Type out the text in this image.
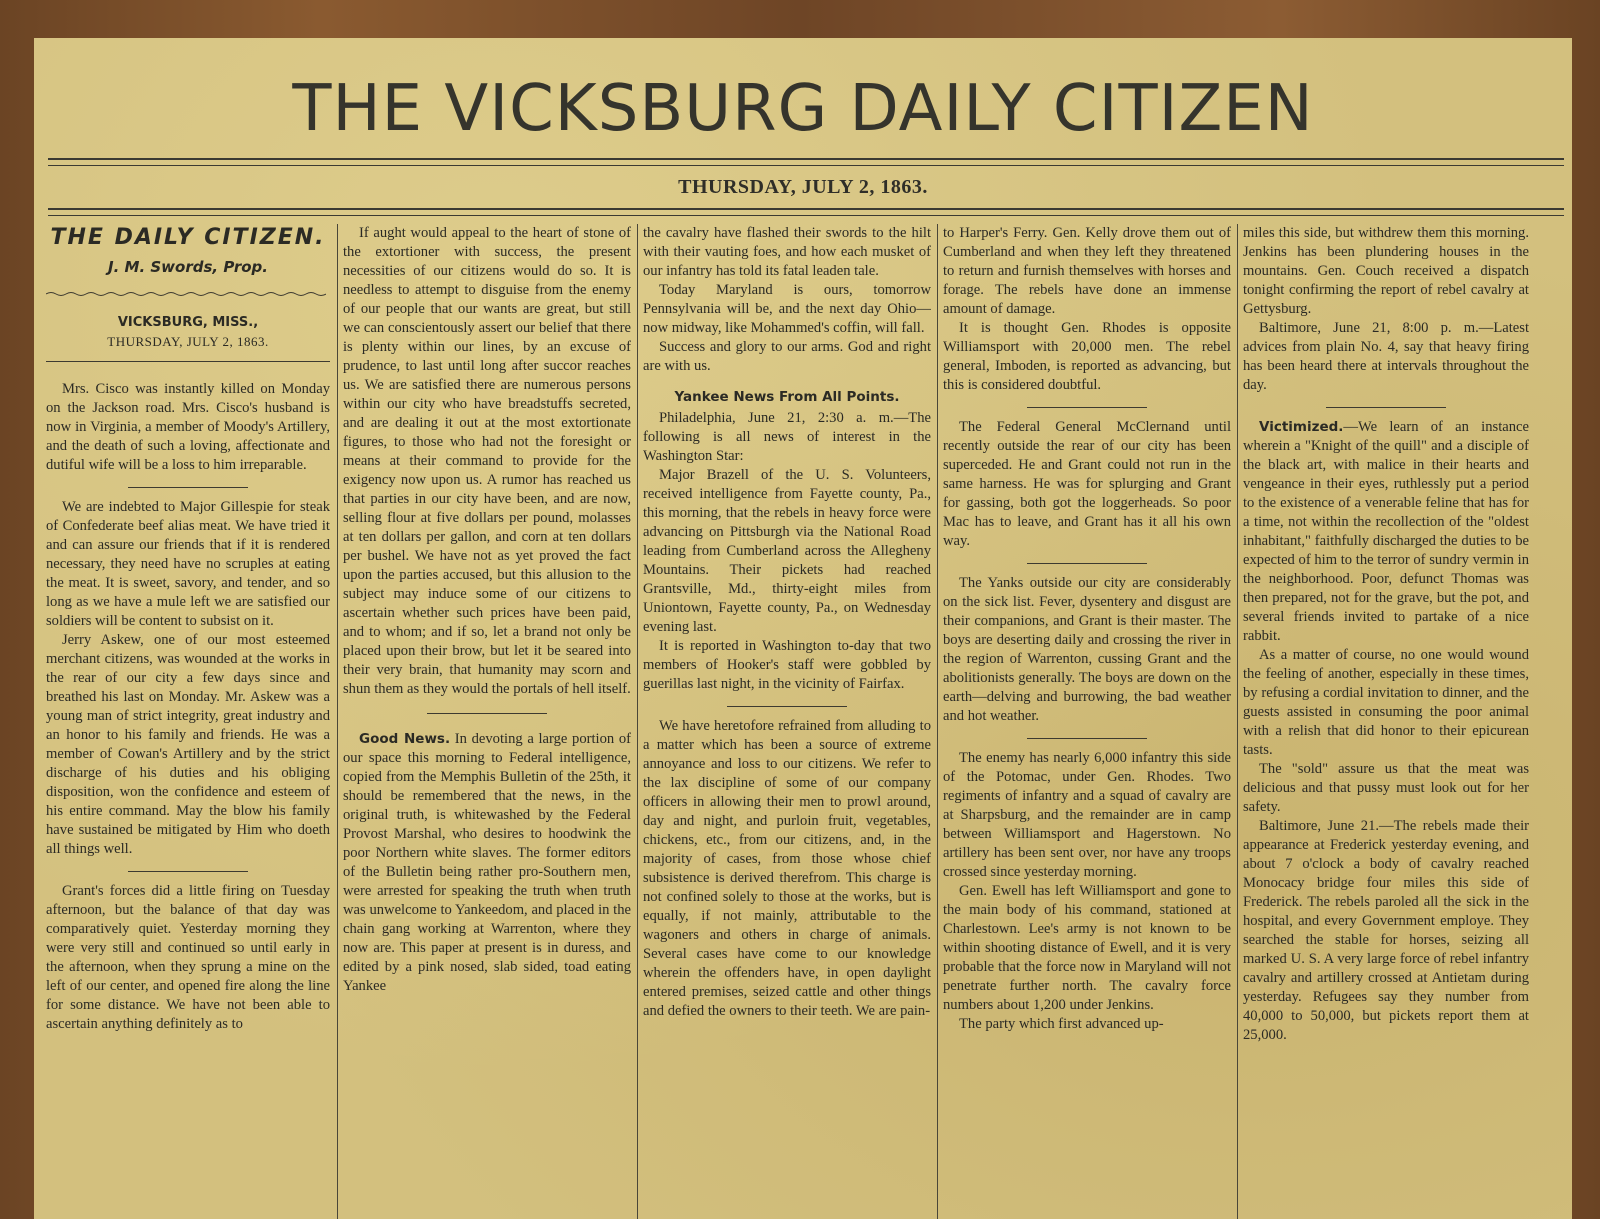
THE VICKSBURG DAILY CITIZEN
THURSDAY, JULY 2, 1863.
THE DAILY CITIZEN.
J. M. Swords, Prop.
VICKSBURG, MISS.,
THURSDAY, JULY 2, 1863.

Mrs. Cisco was instantly killed on Monday on the Jackson road. Mrs. Cisco's husband is now in Virginia, a member of Moody's Artillery, and the death of such a loving, affectionate and dutiful wife will be a loss to him irreparable.

We are indebted to Major Gillespie for steak of Confederate beef alias meat. We have tried it and can assure our friends that if it is rendered necessary, they need have no scruples at eating the meat. It is sweet, savory, and tender, and so long as we have a mule left we are satisfied our soldiers will be content to subsist on it.

Jerry Askew, one of our most esteemed merchant citizens, was wounded at the works in the rear of our city a few days since and breathed his last on Monday. Mr. Askew was a young man of strict integrity, great industry and an honor to his family and friends. He was a member of Cowan's Artillery and by the strict discharge of his duties and his obliging disposition, won the confidence and esteem of his entire command. May the blow his family have sustained be mitigated by Him who doeth all things well.

Grant's forces did a little firing on Tuesday afternoon, but the balance of that day was comparatively quiet. Yesterday morning they were very still and continued so until early in the afternoon, when they sprung a mine on the left of our center, and opened fire along the line for some distance. We have not been able to ascertain anything definitely as to

If aught would appeal to the heart of stone of the extortioner with success, the present necessities of our citizens would do so. It is needless to attempt to disguise from the enemy of our people that our wants are great, but still we can conscientously assert our belief that there is plenty within our lines, by an excuse of prudence, to last until long after succor reaches us. We are satisfied there are numerous persons within our city who have breadstuffs secreted, and are dealing it out at the most extortionate figures, to those who had not the foresight or means at their command to provide for the exigency now upon us. A rumor has reached us that parties in our city have been, and are now, selling flour at five dollars per pound, molasses at ten dollars per gallon, and corn at ten dollars per bushel. We have not as yet proved the fact upon the parties accused, but this allusion to the subject may induce some of our citizens to ascertain whether such prices have been paid, and to whom; and if so, let a brand not only be placed upon their brow, but let it be seared into their very brain, that humanity may scorn and shun them as they would the portals of hell itself.

Good News. In devoting a large portion of our space this morning to Federal intelligence, copied from the Memphis Bulletin of the 25th, it should be remembered that the news, in the original truth, is whitewashed by the Federal Provost Marshal, who desires to hoodwink the poor Northern white slaves. The former editors of the Bulletin being rather pro-Southern men, were arrested for speaking the truth when truth was unwelcome to Yankeedom, and placed in the chain gang working at Warrenton, where they now are. This paper at present is in duress, and edited by a pink nosed, slab sided, toad eating Yankee

the cavalry have flashed their swords to the hilt with their vauting foes, and how each musket of our infantry has told its fatal leaden tale.

Today Maryland is ours, tomorrow Pennsylvania will be, and the next day Ohio—now midway, like Mohammed's coffin, will fall.

Success and glory to our arms. God and right are with us.

Yankee News From All Points.

Philadelphia, June 21, 2:30 a. m.—The following is all news of interest in the Washington Star:

Major Brazell of the U. S. Volunteers, received intelligence from Fayette county, Pa., this morning, that the rebels in heavy force were advancing on Pittsburgh via the National Road leading from Cumberland across the Allegheny Mountains. Their pickets had reached Grantsville, Md., thirty-eight miles from Uniontown, Fayette county, Pa., on Wednesday evening last.

It is reported in Washington to-day that two members of Hooker's staff were gobbled by guerillas last night, in the vicinity of Fairfax.

We have heretofore refrained from alluding to a matter which has been a source of extreme annoyance and loss to our citizens. We refer to the lax discipline of some of our company officers in allowing their men to prowl around, day and night, and purloin fruit, vegetables, chickens, etc., from our citizens, and, in the majority of cases, from those whose chief subsistence is derived therefrom. This charge is not confined solely to those at the works, but is equally, if not mainly, attributable to the wagoners and others in charge of animals. Several cases have come to our knowledge wherein the offenders have, in open daylight entered premises, seized cattle and other things and defied the owners to their teeth. We are pain-

to Harper's Ferry. Gen. Kelly drove them out of Cumberland and when they left they threatened to return and furnish themselves with horses and forage. The rebels have done an immense amount of damage.

It is thought Gen. Rhodes is opposite Williamsport with 20,000 men. The rebel general, Imboden, is reported as advancing, but this is considered doubtful.

The Federal General McClernand until recently outside the rear of our city has been superceded. He and Grant could not run in the same harness. He was for splurging and Grant for gassing, both got the loggerheads. So poor Mac has to leave, and Grant has it all his own way.

The Yanks outside our city are considerably on the sick list. Fever, dysentery and disgust are their companions, and Grant is their master. The boys are deserting daily and crossing the river in the region of Warrenton, cussing Grant and the abolitionists generally. The boys are down on the earth—delving and burrowing, the bad weather and hot weather.

The enemy has nearly 6,000 infantry this side of the Potomac, under Gen. Rhodes. Two regiments of infantry and a squad of cavalry are at Sharpsburg, and the remainder are in camp between Williamsport and Hagerstown. No artillery has been sent over, nor have any troops crossed since yesterday morning.

Gen. Ewell has left Williamsport and gone to the main body of his command, stationed at Charlestown. Lee's army is not known to be within shooting distance of Ewell, and it is very probable that the force now in Maryland will not penetrate further north. The cavalry force numbers about 1,200 under Jenkins.

The party which first advanced up-

miles this side, but withdrew them this morning. Jenkins has been plundering houses in the mountains. Gen. Couch received a dispatch tonight confirming the report of rebel cavalry at Gettysburg.

Baltimore, June 21, 8:00 p. m.—Latest advices from plain No. 4, say that heavy firing has been heard there at intervals throughout the day.

Victimized.—We learn of an instance wherein a "Knight of the quill" and a disciple of the black art, with malice in their hearts and vengeance in their eyes, ruthlessly put a period to the existence of a venerable feline that has for a time, not within the recollection of the "oldest inhabitant," faithfully discharged the duties to be expected of him to the terror of sundry vermin in the neighborhood. Poor, defunct Thomas was then prepared, not for the grave, but the pot, and several friends invited to partake of a nice rabbit.

As a matter of course, no one would wound the feeling of another, especially in these times, by refusing a cordial invitation to dinner, and the guests assisted in consuming the poor animal with a relish that did honor to their epicurean tasts.

The "sold" assure us that the meat was delicious and that pussy must look out for her safety.

Baltimore, June 21.—The rebels made their appearance at Frederick yesterday evening, and about 7 o'clock a body of cavalry reached Monocacy bridge four miles this side of Frederick. The rebels paroled all the sick in the hospital, and every Government employe. They searched the stable for horses, seizing all marked U. S. A very large force of rebel infantry cavalry and artillery crossed at Antietam during yesterday. Refugees say they number from 40,000 to 50,000, but pickets report them at 25,000.
